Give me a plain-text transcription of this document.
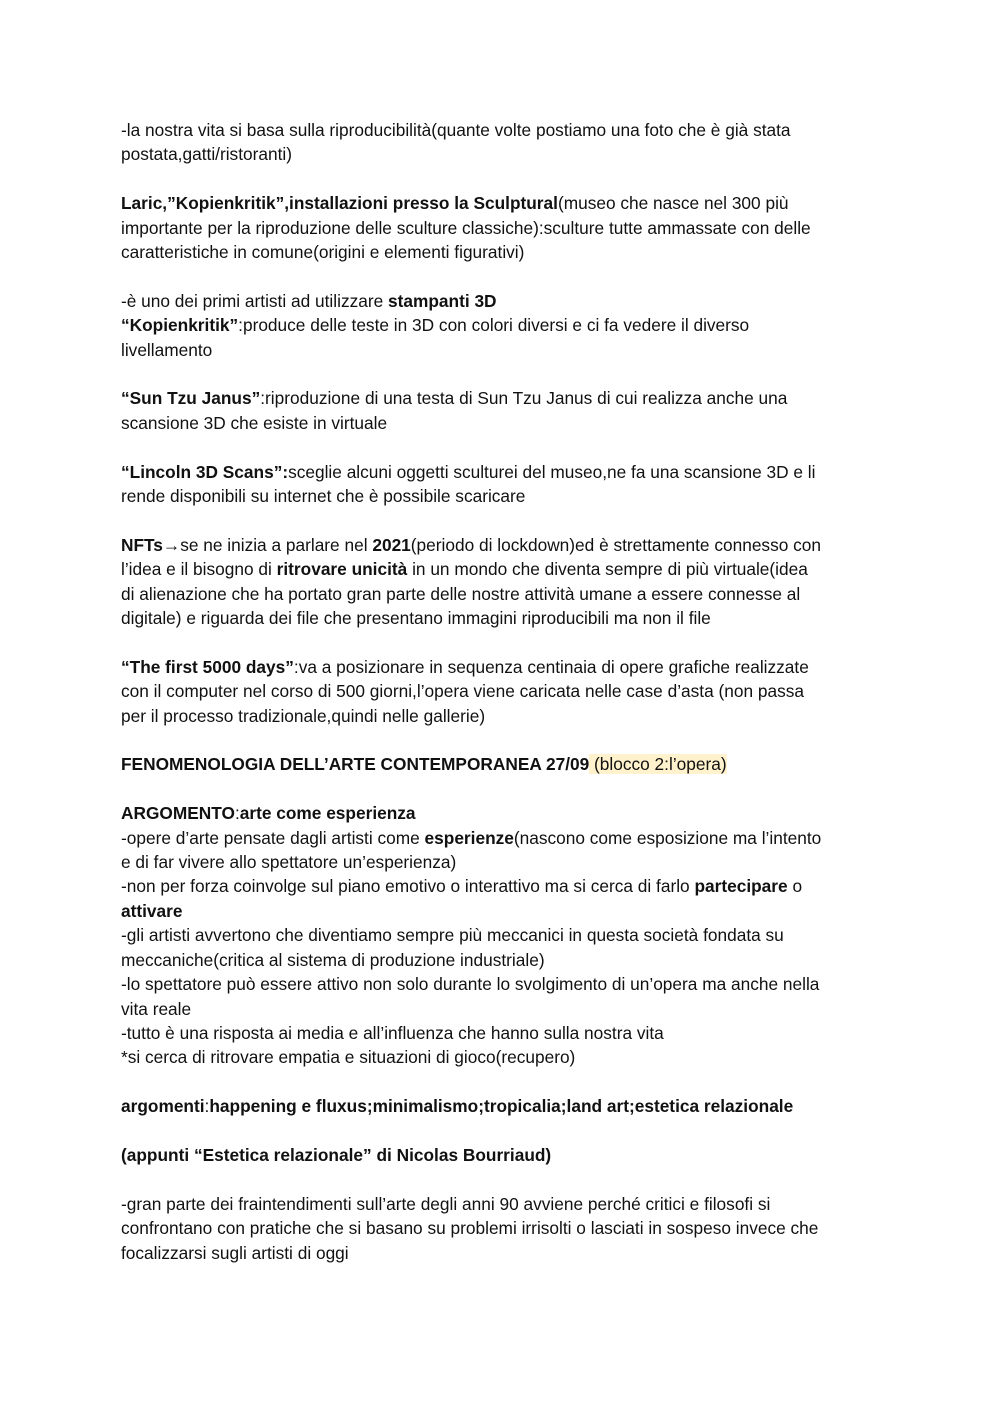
-la nostra vita si basa sulla riproducibilità(quante volte postiamo una foto che è già stata

postata,gatti/ristoranti)

Laric,”Kopienkritik”,installazioni presso la Sculptural(museo che nasce nel 300 più

importante per la riproduzione delle sculture classiche):sculture tutte ammassate con delle

caratteristiche in comune(origini e elementi figurativi)

-è uno dei primi artisti ad utilizzare stampanti 3D

“Kopienkritik”:produce delle teste in 3D con colori diversi e ci fa vedere il diverso

livellamento

“Sun Tzu Janus”:riproduzione di una testa di Sun Tzu Janus di cui realizza anche una

scansione 3D che esiste in virtuale

“Lincoln 3D Scans”:sceglie alcuni oggetti sculturei del museo,ne fa una scansione 3D e li

rende disponibili su internet che è possibile scaricare

NFTs→se ne inizia a parlare nel 2021(periodo di lockdown)ed è strettamente connesso con

l’idea e il bisogno di ritrovare unicità in un mondo che diventa sempre di più virtuale(idea

di alienazione che ha portato gran parte delle nostre attività umane a essere connesse al

digitale) e riguarda dei file che presentano immagini riproducibili ma non il file

“The first 5000 days”:va a posizionare in sequenza centinaia di opere grafiche realizzate

con il computer nel corso di 500 giorni,l’opera viene caricata nelle case d’asta (non passa

per il processo tradizionale,quindi nelle gallerie)

FENOMENOLOGIA DELL’ARTE CONTEMPORANEA 27/09 (blocco 2:l’opera)

ARGOMENTO:arte come esperienza

-opere d’arte pensate dagli artisti come esperienze(nascono come esposizione ma l’intento

e di far vivere allo spettatore un’esperienza)

-non per forza coinvolge sul piano emotivo o interattivo ma si cerca di farlo partecipare o

attivare

-gli artisti avvertono che diventiamo sempre più meccanici in questa società fondata su

meccaniche(critica al sistema di produzione industriale)

-lo spettatore può essere attivo non solo durante lo svolgimento di un’opera ma anche nella

vita reale

-tutto è una risposta ai media e all’influenza che hanno sulla nostra vita

*si cerca di ritrovare empatia e situazioni di gioco(recupero)

argomenti:happening e fluxus;minimalismo;tropicalia;land art;estetica relazionale

(appunti “Estetica relazionale” di Nicolas Bourriaud)

-gran parte dei fraintendimenti sull’arte degli anni 90 avviene perché critici e filosofi si

confrontano con pratiche che si basano su problemi irrisolti o lasciati in sospeso invece che

focalizzarsi sugli artisti di oggi
